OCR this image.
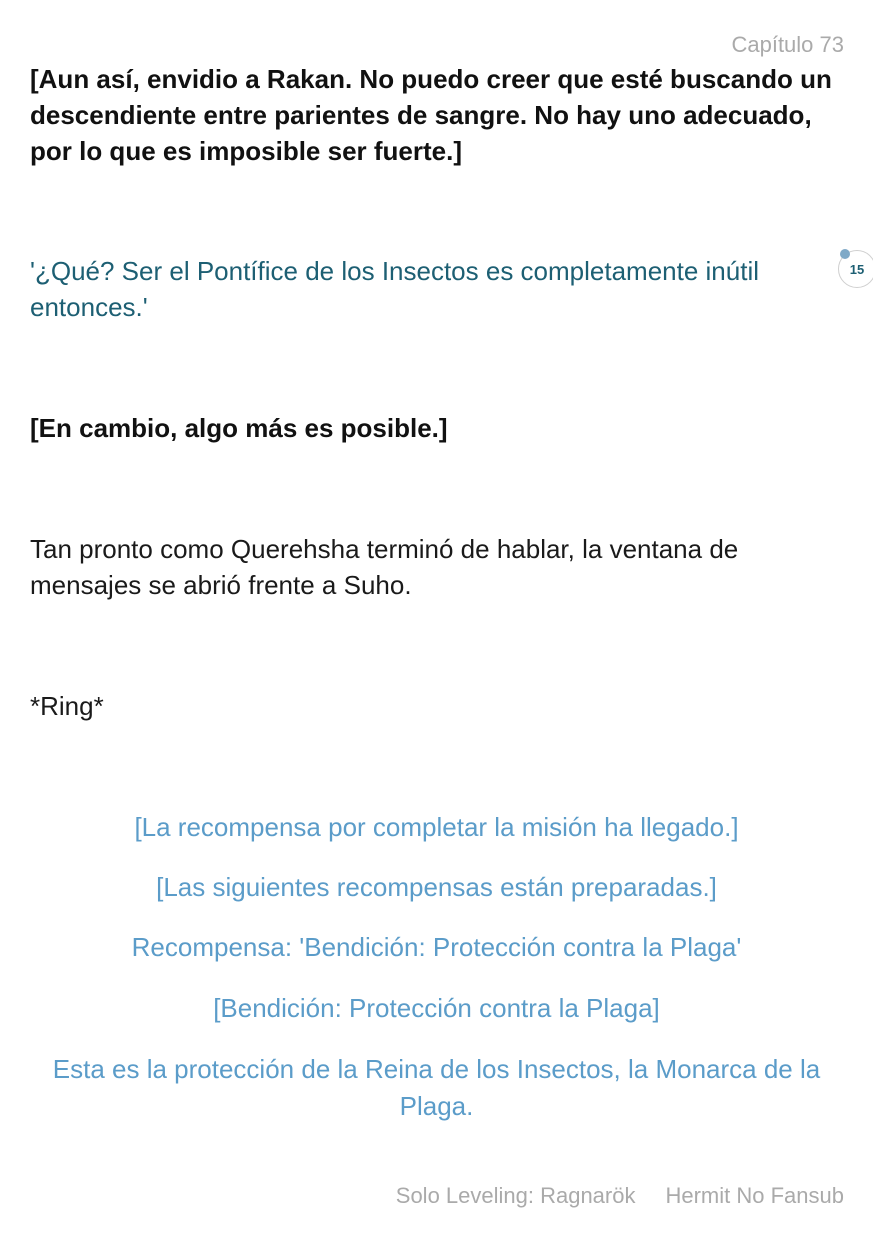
Capítulo 73

[Aun así, envidio a Rakan. No puedo creer que esté buscando un descendiente entre parientes de sangre. No hay uno adecuado, por lo que es imposible ser fuerte.]

'¿Qué? Ser el Pontífice de los Insectos es completamente inútil entonces.'

15

[En cambio, algo más es posible.]

Tan pronto como Querehsha terminó de hablar, la ventana de mensajes se abrió frente a Suho.

*Ring*

[La recompensa por completar la misión ha llegado.]

[Las siguientes recompensas están preparadas.]

Recompensa: 'Bendición: Protección contra la Plaga'

[Bendición: Protección contra la Plaga]

Esta es la protección de la Reina de los Insectos, la Monarca de la Plaga.

Solo Leveling: Ragnarök Hermit No Fansub
